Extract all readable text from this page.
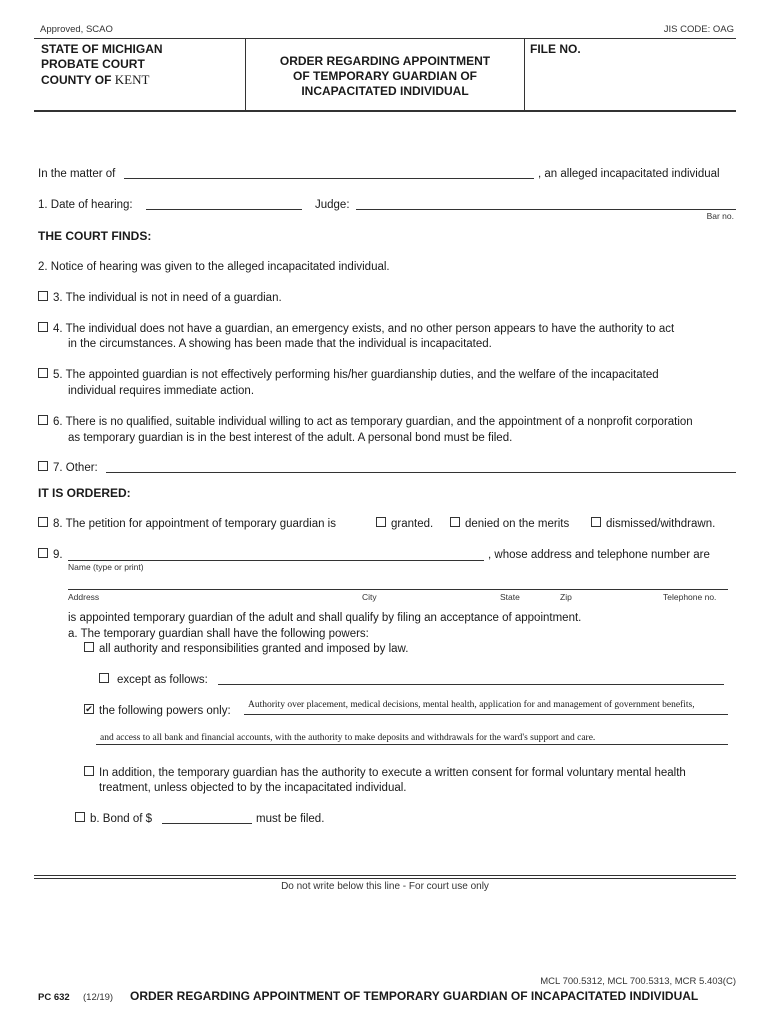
Approved, SCAO	JIS CODE: OAG
STATE OF MICHIGAN
PROBATE COURT
COUNTY OF KENT
ORDER REGARDING APPOINTMENT
OF TEMPORARY GUARDIAN OF
INCAPACITATED INDIVIDUAL
FILE NO.
In the matter of	, an alleged incapacitated individual
1. Date of hearing:	Judge:
Bar no.
THE COURT FINDS:
2. Notice of hearing was given to the alleged incapacitated individual.
3. The individual is not in need of a guardian.
4. The individual does not have a guardian, an emergency exists, and no other person appears to have the authority to act
in the circumstances. A showing has been made that the individual is incapacitated.
5. The appointed guardian is not effectively performing his/her guardianship duties, and the welfare of the incapacitated
individual requires immediate action.
6. There is no qualified, suitable individual willing to act as temporary guardian, and the appointment of a nonprofit corporation
as temporary guardian is in the best interest of the adult. A personal bond must be filed.
7. Other:
IT IS ORDERED:
8. The petition for appointment of temporary guardian is	granted.	denied on the merits	dismissed/withdrawn.
9.	, whose address and telephone number are
Name (type or print)
Address	City	State	Zip	Telephone no.
is appointed temporary guardian of the adult and shall qualify by filing an acceptance of appointment.
a. The temporary guardian shall have the following powers:
all authority and responsibilities granted and imposed by law.
except as follows:
✔ the following powers only: Authority over placement, medical decisions, mental health, application for and management of government benefits,
and access to all bank and financial accounts, with the authority to make deposits and withdrawals for the ward's support and care.
In addition, the temporary guardian has the authority to execute a written consent for formal voluntary mental health
treatment, unless objected to by the incapacitated individual.
b. Bond of $	must be filed.
Do not write below this line - For court use only
MCL 700.5312, MCL 700.5313, MCR 5.403(C)
PC 632 (12/19) ORDER REGARDING APPOINTMENT OF TEMPORARY GUARDIAN OF INCAPACITATED INDIVIDUAL
